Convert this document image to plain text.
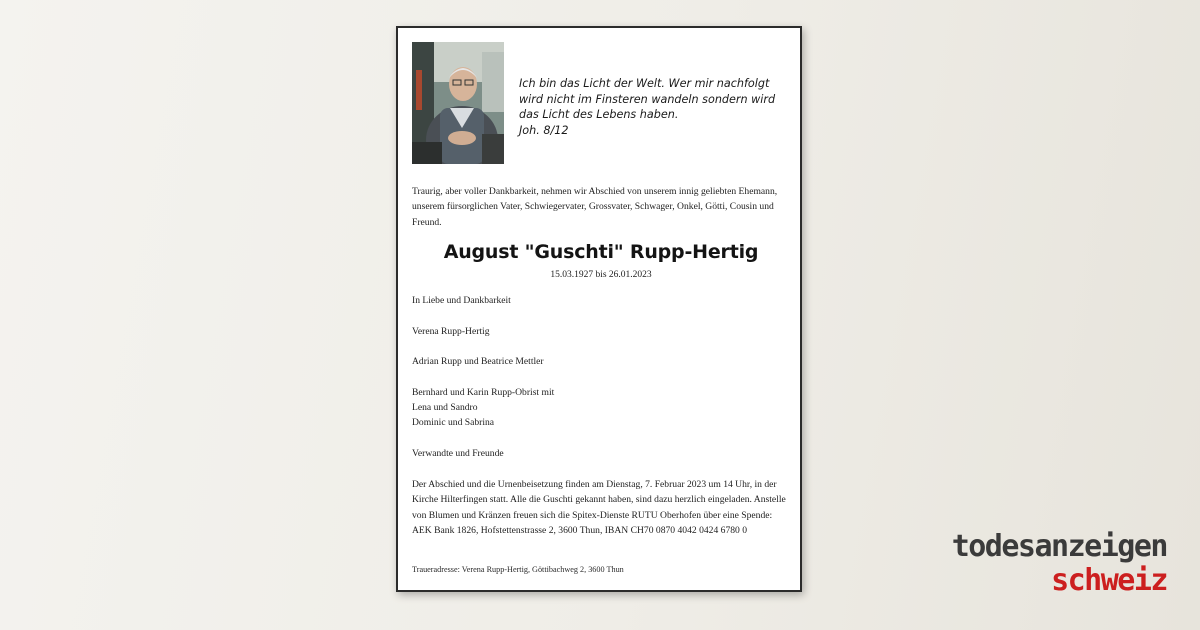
Ich bin das Licht der Welt. Wer mir nachfolgt wird nicht im Finsteren wandeln sondern wird das Licht des Lebens haben.
Joh. 8/12
Traurig, aber voller Dankbarkeit, nehmen wir Abschied von unserem innig geliebten Ehemann, unserem fürsorglichen Vater, Schwiegervater, Grossvater, Schwager, Onkel, Götti, Cousin und Freund.
August "Guschti" Rupp-Hertig
15.03.1927 bis 26.01.2023
In Liebe und Dankbarkeit
Verena Rupp-Hertig
Adrian Rupp und Beatrice Mettler
Bernhard und Karin Rupp-Obrist mit
Lena und Sandro
Dominic und Sabrina
Verwandte und Freunde
Der Abschied und die Urnenbeisetzung finden am Dienstag, 7. Februar 2023 um 14 Uhr, in der Kirche Hilterfingen statt. Alle die Guschti gekannt haben, sind dazu herzlich eingeladen. Anstelle von Blumen und Kränzen freuen sich die Spitex-Dienste RUTU Oberhofen über eine Spende: AEK Bank 1826, Hofstettenstrasse 2, 3600 Thun, IBAN CH70 0870 4042 0424 6780 0
Traueradresse: Verena Rupp-Hertig, Göttibachweg 2, 3600 Thun
todesanzeigen
schweiz
